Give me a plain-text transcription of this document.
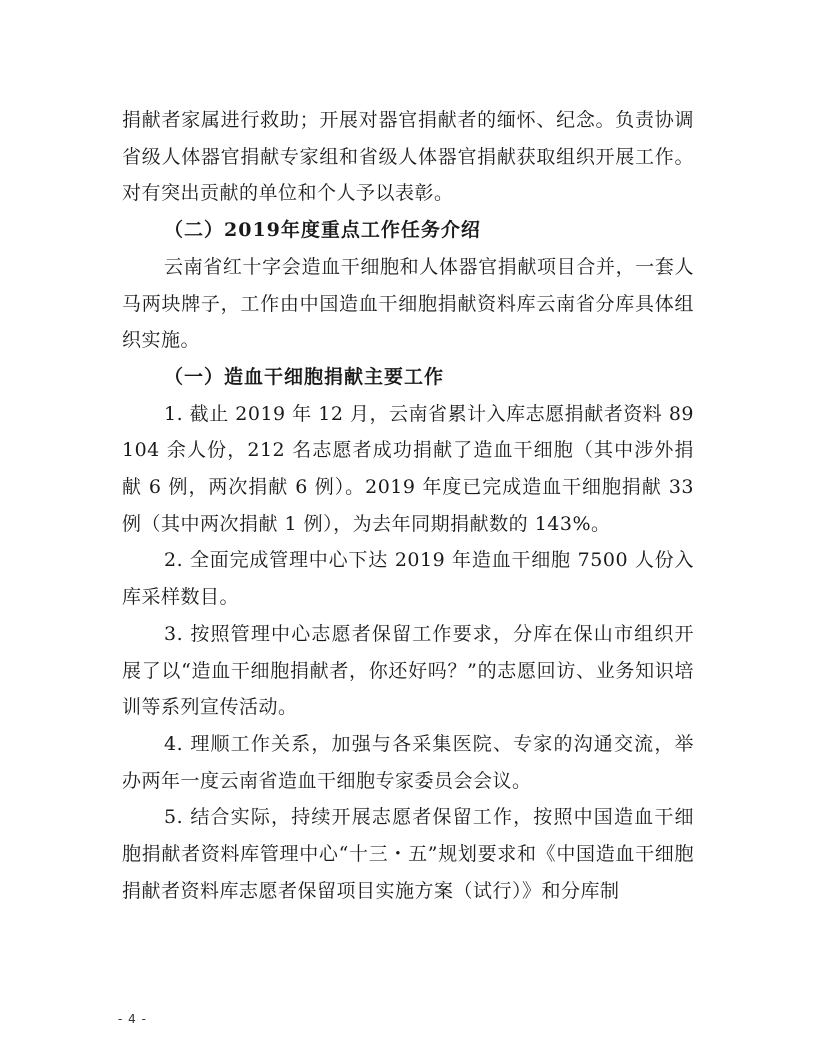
捐献者家属进行救助；开展对器官捐献者的缅怀、纪念。负责协调省级人体器官捐献专家组和省级人体器官捐献获取组织开展工作。对有突出贡献的单位和个人予以表彰。

（二）2019年度重点工作任务介绍

云南省红十字会造血干细胞和人体器官捐献项目合并，一套人马两块牌子，工作由中国造血干细胞捐献资料库云南省分库具体组织实施。

（一）造血干细胞捐献主要工作

1. 截止 2019 年 12 月，云南省累计入库志愿捐献者资料 89104 余人份，212 名志愿者成功捐献了造血干细胞（其中涉外捐献 6 例，两次捐献 6 例）。2019 年度已完成造血干细胞捐献 33 例（其中两次捐献 1 例），为去年同期捐献数的 143%。

2. 全面完成管理中心下达 2019 年造血干细胞 7500 人份入库采样数目。

3. 按照管理中心志愿者保留工作要求，分库在保山市组织开展了以“造血干细胞捐献者，你还好吗？”的志愿回访、业务知识培训等系列宣传活动。

4. 理顺工作关系，加强与各采集医院、专家的沟通交流，举办两年一度云南省造血干细胞专家委员会会议。

5. 结合实际，持续开展志愿者保留工作，按照中国造血干细胞捐献者资料库管理中心“十三・五”规划要求和《中国造血干细胞捐献者资料库志愿者保留项目实施方案（试行）》和分库制

- 4 -
